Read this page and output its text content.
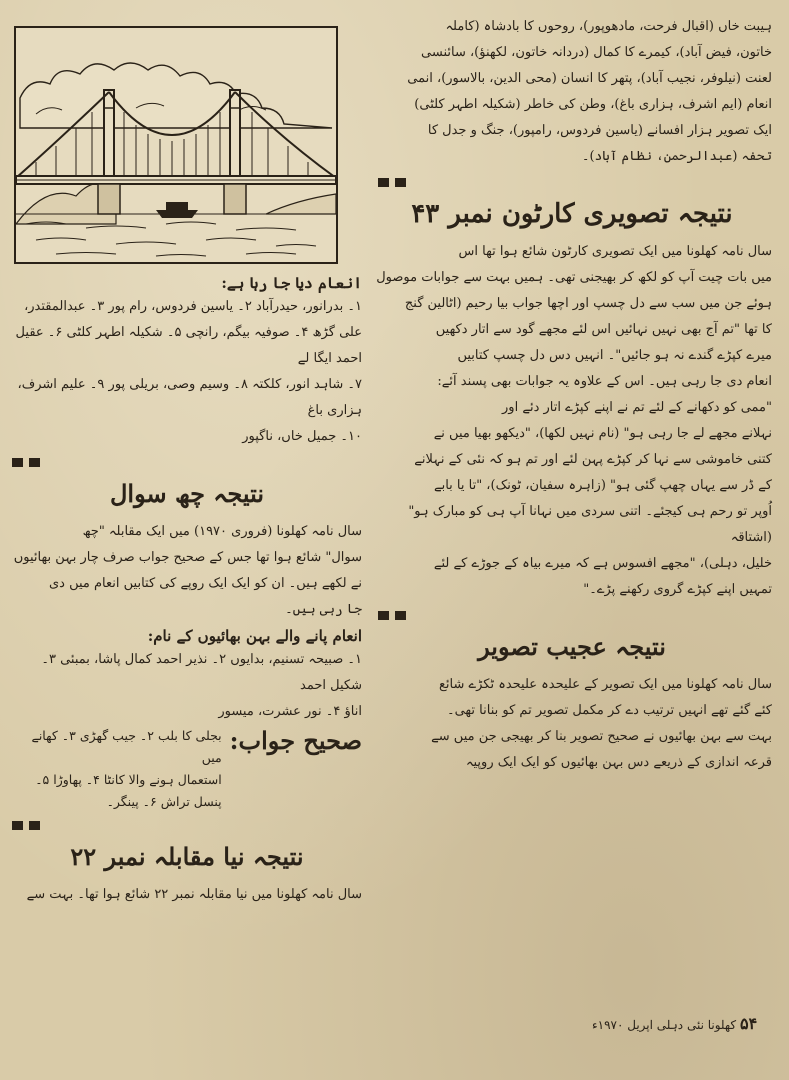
ہیبت خاں (اقبال فرحت، مادھوپور)، روحوں کا بادشاہ (کاملہ
خاتون، فیض آباد)، کیمرے کا کمال (دردانہ خاتون، لکھنؤ)، سائنسی
لعنت (نیلوفر، نجیب آباد)، پتھر کا انسان (محی الدین، بالاسور)، انمی
انعام (ایم اشرف، ہزاری باغ)، وطن کی خاطر (شکیلہ اطہر کلٹی)
ایک تصویر ہزار افسانے (یاسین فردوس، رامپور)، جنگ و جدل کا
تحفہ (عبدالرحمن، نظام آباد)۔

نتیجہ تصویری کارٹون نمبر ۴۳

سال نامہ کھلونا میں ایک تصویری کارٹون شائع ہوا تھا اس
میں بات چیت آپ کو لکھ کر بھیجنی تھی۔ ہمیں بہت سے جوابات موصول
ہوئے جن میں سب سے دل چسپ اور اچھا جواب بیا رحیم (اٹالین گنج
کا تھا "تم آج بھی نہیں نہائیں اس لئے مجھے گود سے اتار دکھیں
میرے کپڑے گندے نہ ہو جائیں"۔ انہیں دس دل چسپ کتابیں
انعام دی جا رہی ہیں۔ اس کے علاوہ یہ جوابات بھی پسند آئے:
"ممی کو دکھانے کے لئے تم نے اپنے کپڑے اتار دئے اور
نہلانے مجھے لے جا رہی ہو" (نام نہیں لکھا)، "دیکھو بھیا میں نے
کتنی خاموشی سے نہا کر کپڑے پہن لئے اور تم ہو کہ نئی کے نہلانے
کے ڈر سے یہاں چھپ گئی ہو" (زاہرہ سفیان، ٹونک)، "تا یا بابے
اُوپر تو رحم ہی کیجئے۔ اتنی سردی میں نہانا آپ ہی کو مبارک ہو" (اشتاقہ
خلیل، دہلی)، "مجھے افسوس ہے کہ میرے بیاہ کے جوڑے کے لئے
تمہیں اپنے کپڑے گروی رکھنے پڑے۔"

نتیجہ عجیب تصویر

سال نامہ کھلونا میں ایک تصویر کے علیحدہ علیحدہ ٹکڑے شائع
کئے گئے تھے انہیں ترتیب دے کر مکمل تصویر تم کو بنانا تھی۔
بہت سے بہن بھائیوں نے صحیح تصویر بنا کر بھیجی جن میں سے
قرعہ اندازی کے ذریعے دس بہن بھائیوں کو ایک ایک روپیہ

انعام دیا جا رہا ہے:

۱۔ بدرانور، حیدرآباد ۲۔ یاسین فردوس، رام پور ۳۔ عبدالمقتدر،
علی گڑھ ۴۔ صوفیہ بیگم، رانچی ۵۔ شکیلہ اطہر کلٹی ۶۔ عقیل احمد ایگا لے
۷۔ شاہد انور، کلکتہ ۸۔ وسیم وصی، بریلی پور ۹۔ علیم اشرف، ہزاری باغ
۱۰۔ جمیل خاں، ناگپور

نتیجہ چھ سوال

سال نامہ کھلونا (فروری ۱۹۷۰) میں ایک مقابلہ "چھ
سوال" شائع ہوا تھا جس کے صحیح جواب صرف چار بہن بھائیوں
نے لکھے ہیں۔ ان کو ایک ایک روپے کی کتابیں انعام میں دی
جا رہی ہیں۔

انعام پانے والے بہن بھائیوں کے نام:

۱۔ صبیحہ تسنیم، بدایوں ۲۔ نذیر احمد کمال پاشا، بمبئی ۳۔ شکیل احمد
اناؤ ۴۔ نور عشرت، میسور

صحیح جواب:
بجلی کا بلب ۲۔ جیب گھڑی ۳۔ کھانے میں
استعمال ہونے والا کانٹا ۴۔ پھاوڑا ۵۔ پنسل تراش ۶۔ پینگر۔
نتیجہ نیا مقابلہ نمبر ۲۲

سال نامہ کھلونا میں نیا مقابلہ نمبر ۲۲ شائع ہوا تھا۔ بہت سے

۵۴ کھلونا نئی دہلی اپریل ۱۹۷۰ء
